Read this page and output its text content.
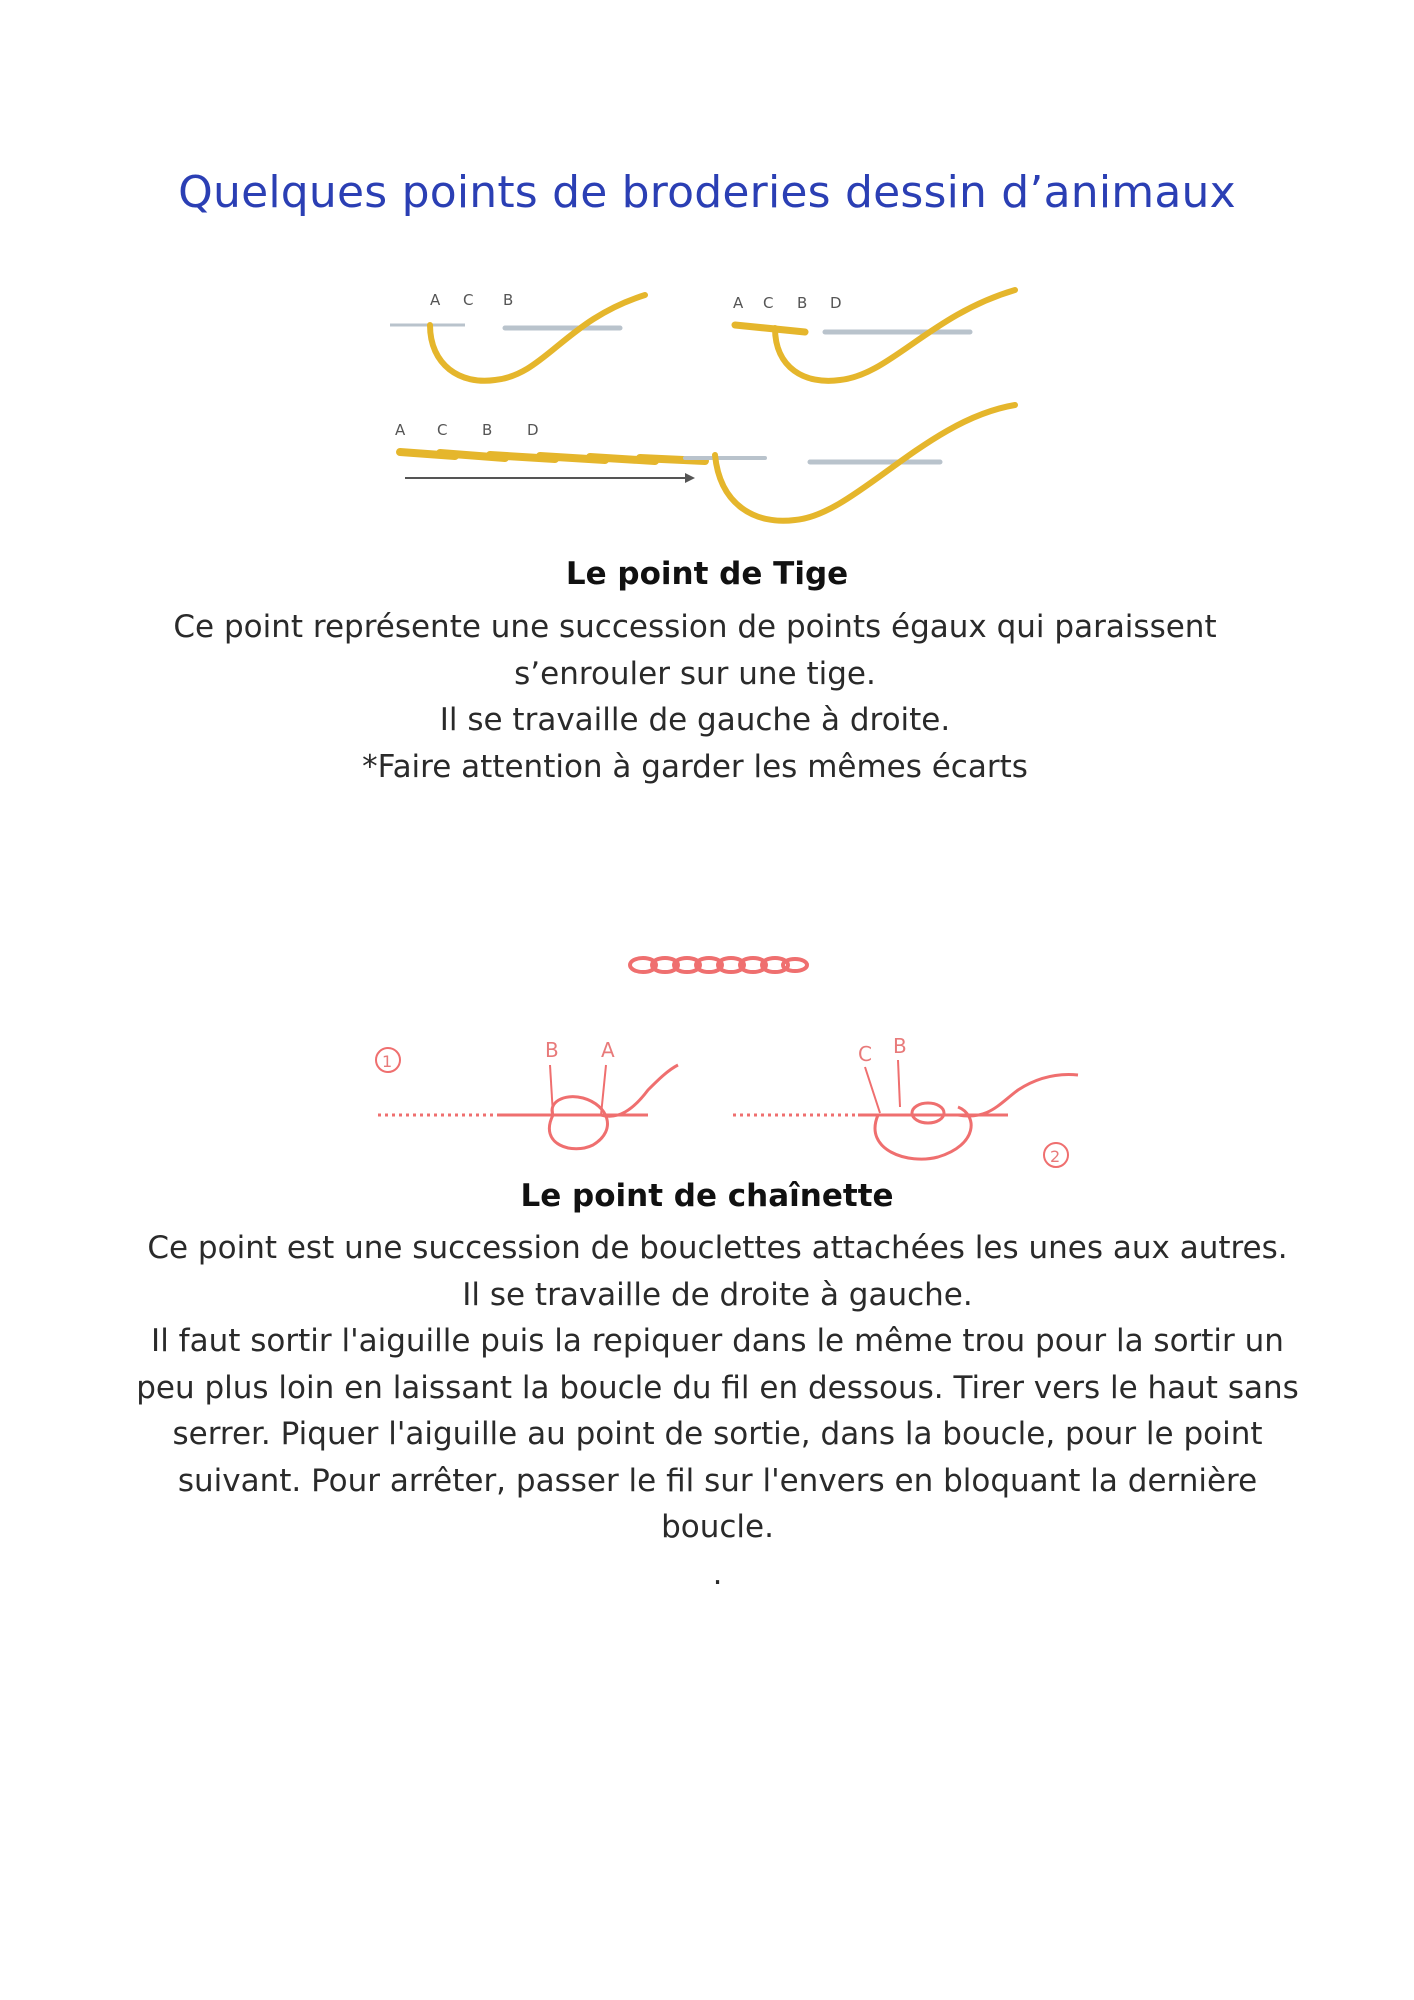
Quelques points de broderies dessin d’animaux
A C B	A C B D
A C B D
Le point de Tige

Ce point représente une succession de points égaux qui paraissent

s’enrouler sur une tige.

Il se travaille de gauche à droite.

*Faire attention à garder les mêmes écarts

1	B A	C B
2
Le point de chaînette

Ce point est une succession de bouclettes attachées les unes aux autres.

Il se travaille de droite à gauche.

Il faut sortir l'aiguille puis la repiquer dans le même trou pour la sortir un

peu plus loin en laissant la boucle du fil en dessous. Tirer vers le haut sans

serrer. Piquer l'aiguille au point de sortie, dans la boucle, pour le point

suivant. Pour arrêter, passer le fil sur l'envers en bloquant la dernière

boucle.

.
